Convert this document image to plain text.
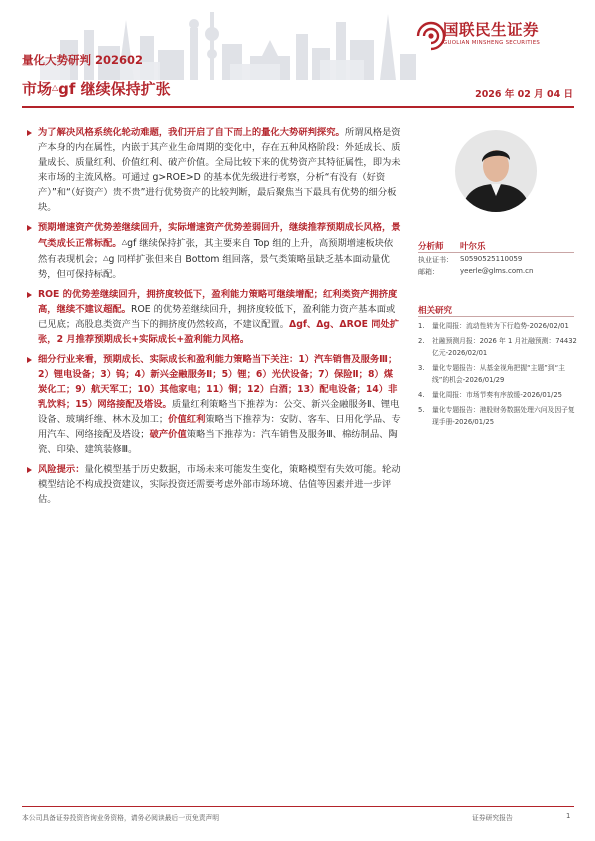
国联民生证券
GUOLIAN MINSHENG SECURITIES
量化大势研判 202602
市场△gf 继续保持扩张	2026 年 02 月 04 日

为了解决风格系统化轮动难题，我们开启了自下而上的量化大势研判探究。所谓风格是资产本身的内在属性，内嵌于其产业生命周期的变化中，存在五种风格阶段：外延成长、质量成长、质量红利、价值红利、破产价值。全局比较下来的优势资产其特征属性，即为未来市场的主流风格。可通过 g>ROE>D 的基本优先级进行考察，分析“有没有（好资产）”和“（好资产）贵不贵”进行优势资产的比较判断，最后聚焦当下最具有优势的细分板块。

预期增速资产优势差继续回升，实际增速资产优势差弱回升，继续推荐预期成长风格，景气类成长正常标配。△gf 继续保持扩张，其主要来自 Top 组的上升，高预期增速板块依然有表现机会；△g 同样扩张但来自 Bottom 组回落，景气类策略虽缺乏基本面动量优势，但可保持标配。

ROE 的优势差继续回升，拥挤度较低下，盈利能力策略可继续增配；红利类资产拥挤度高，继续不建议超配。ROE 的优势差继续回升，拥挤度较低下，盈利能力资产基本面或已见底；高股息类资产当下的拥挤度仍然较高，不建议配置。Δgf、Δg、ΔROE 同处扩张，2 月推荐预期成长+实际成长+盈利能力风格。

细分行业来看，预期成长、实际成长和盈利能力策略当下关注：1）汽车销售及服务Ⅲ；2）锂电设备；3）钨；4）新兴金融服务Ⅱ；5）锂；6）光伏设备；7）保险Ⅱ；8）煤炭化工；9）航天军工；10）其他家电；11）铜；12）白酒；13）配电设备；14）非乳饮料；15）网络接配及塔设。质量红利策略当下推荐为：公交、新兴金融服务Ⅱ、锂电设备、玻璃纤维、林木及加工；价值红利策略当下推荐为：安防、客车、日用化学品、专用汽车、网络接配及塔设；破产价值策略当下推荐为：汽车销售及服务Ⅲ、棉纺制品、陶瓷、印染、建筑装修Ⅲ。

风险提示：量化模型基于历史数据，市场未来可能发生变化，策略模型有失效可能。轮动模型结论不构成投资建议，实际投资还需要考虑外部市场环境、估值等因素并进一步评估。

分析师 叶尔乐
执业证书： S0590525110059
邮箱：	yeerle@glms.com.cn
相关研究
1. 量化周报：流动性转为下行趋势-2026/02/01
2. 社融预测月报：2026 年 1 月社融预测：74432 亿元-2026/02/01
3. 量化专题报告：从基金视角把握“主题”到“主线”的机会-2026/01/29
4. 量化周报：市场节奏有序放缓-2026/01/25
5. 量化专题报告：港股财务数据处理六问及因子复现手册-2026/01/25
本公司具备证券投资咨询业务资格，请务必阅读最后一页免责声明	证券研究报告	1
